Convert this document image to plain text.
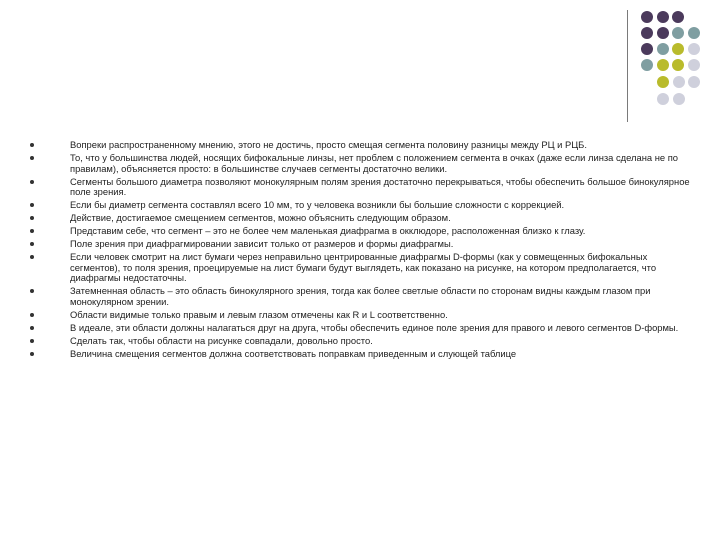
Вопреки распространенному мнению, этого не достичь, просто смещая сегмента половину разницы между РЦ и РЦБ.
То, что у большинства людей, носящих бифокальные линзы, нет проблем с положением сегмента в очках (даже если линза сделана не по правилам), объясняется просто: в большинстве случаев сегменты достаточно велики.
Сегменты большого диаметра позволяют монокулярным полям зрения достаточно перекрываться, чтобы обеспечить большое бинокулярное поле зрения.
Если бы диаметр сегмента составлял всего 10 мм, то у человека возникли бы большие сложности с коррекцией.
Действие, достигаемое смещением сегментов, можно объяснить следующим образом.
Представим себе, что сегмент – это не более чем маленькая диафрагма в окклюдоре, расположенная близко к глазу.
Поле зрения при диафрагмировании зависит только от размеров и формы диафрагмы.
Если человек смотрит на лист бумаги через неправильно центрированные диафрагмы D-формы (как у совмещенных бифокальных сегментов), то поля зрения, проецируемые на лист бумаги будут выглядеть, как показано на рисунке, на котором предполагается, что диафрагмы недостаточны.
Затемненная область – это область бинокулярного зрения, тогда как более светлые области по сторонам видны каждым глазом при монокулярном зрении.
Области видимые только правым и левым глазом отмечены как R и L соответственно.
В идеале, эти области должны налагаться друг на друга, чтобы обеспечить единое поле зрения для правого и левого сегментов D-формы.
Сделать так, чтобы области на рисунке совпадали, довольно просто.
Величина смещения сегментов должна соответствовать поправкам приведенным и слующей таблице
